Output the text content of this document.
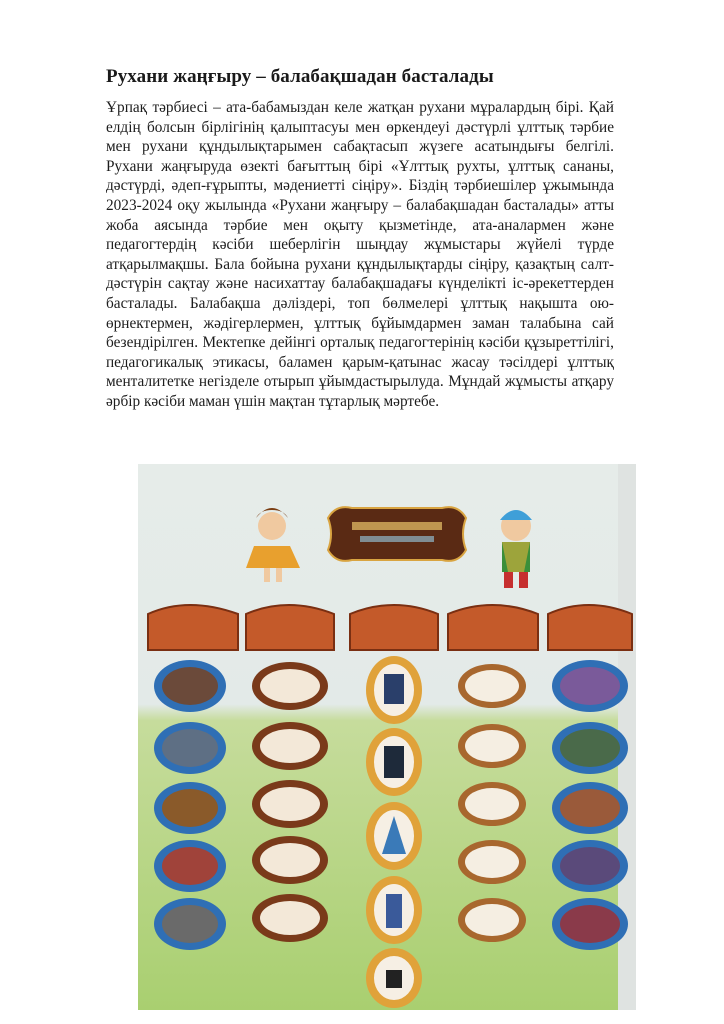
Рухани жаңғыру – балабақшадан басталады
Ұрпақ тәрбиесі – ата-бабамыздан келе жатқан рухани мұралардың бірі. Қай елдің болсын бірлігінің қалыптасуы мен өркендеуі дәстүрлі ұлттық тәрбие мен рухани құндылықтарымен сабақтасып жүзеге асатындығы белгілі. Рухани жаңғыруда өзекті бағыттың бірі «Ұлттық рухты, ұлттық сананы, дәстүрді, әдеп-ғұрыпты, мәдениетті сіңіру». Біздің тәрбиешілер ұжымында 2023-2024 оқу жылында «Рухани жаңғыру – балабақшадан басталады» атты жоба аясында тәрбие мен оқыту қызметінде, ата-аналармен және педагогтердің кәсіби шеберлігін шыңдау жұмыстары жүйелі түрде атқарылмақшы. Бала бойына рухани құндылықтарды сіңіру, қазақтың салт-дәстүрін сақтау және насихаттау балабақшадағы күнделікті іс-әрекеттерден басталады. Балабақша дәліздері, топ бөлмелері ұлттық нақышта ою-өрнектермен, жәдігерлермен, ұлттық бұйымдармен заман талабына сай безендірілген. Мектепке дейінгі орталық педагогтерінің кәсіби құзыреттілігі, педагогикалық этикасы, баламен қарым-қатынас жасау тәсілдері ұлттық менталитетке негізделе отырып ұйымдастырылуда. Мұндай жұмысты атқару әрбір кәсіби маман үшін мақтан тұтарлық мәртебе.
